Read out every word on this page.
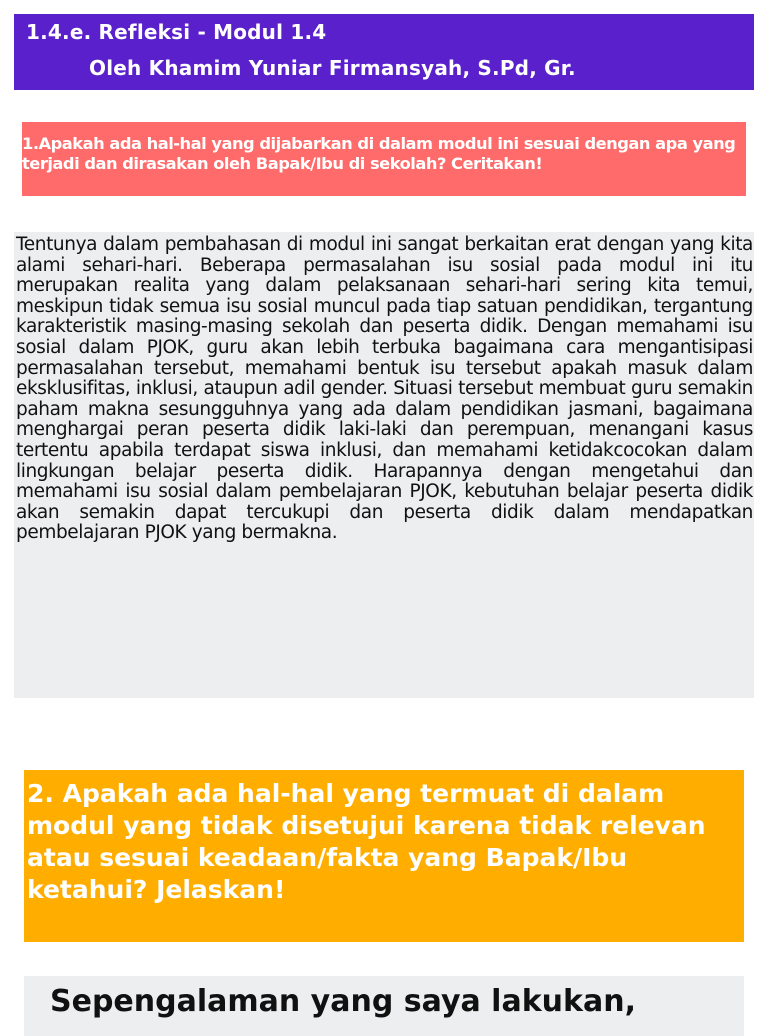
1.4.e. Refleksi - Modul 1.4
Oleh Khamim Yuniar Firmansyah, S.Pd, Gr.

1.Apakah ada hal-hal yang dijabarkan di dalam modul ini sesuai dengan apa yang terjadi dan dirasakan oleh Bapak/Ibu di sekolah? Ceritakan!

Tentunya dalam pembahasan di modul ini sangat berkaitan erat dengan yang kita alami sehari-hari. Beberapa permasalahan isu sosial pada modul ini itu merupakan realita yang dalam pelaksanaan sehari-hari sering kita temui, meskipun tidak semua isu sosial muncul pada tiap satuan pendidikan, tergantung karakteristik masing-masing sekolah dan peserta didik. Dengan memahami isu sosial dalam PJOK, guru akan lebih terbuka bagaimana cara mengantisipasi permasalahan tersebut, memahami bentuk isu tersebut apakah masuk dalam eksklusifitas, inklusi, ataupun adil gender. Situasi tersebut membuat guru semakin paham makna sesungguhnya yang ada dalam pendidikan jasmani, bagaimana menghargai peran peserta didik laki-laki dan perempuan, menangani kasus tertentu apabila terdapat siswa inklusi, dan memahami ketidakcocokan dalam lingkungan belajar peserta didik. Harapannya dengan mengetahui dan memahami isu sosial dalam pembelajaran PJOK, kebutuhan belajar peserta didik akan semakin dapat tercukupi dan peserta didik dalam mendapatkan pembelajaran PJOK yang bermakna.

2. Apakah ada hal-hal yang termuat di dalam modul yang tidak disetujui karena tidak relevan atau sesuai keadaan/fakta yang Bapak/Ibu ketahui? Jelaskan!

Sepengalaman yang saya lakukan,
